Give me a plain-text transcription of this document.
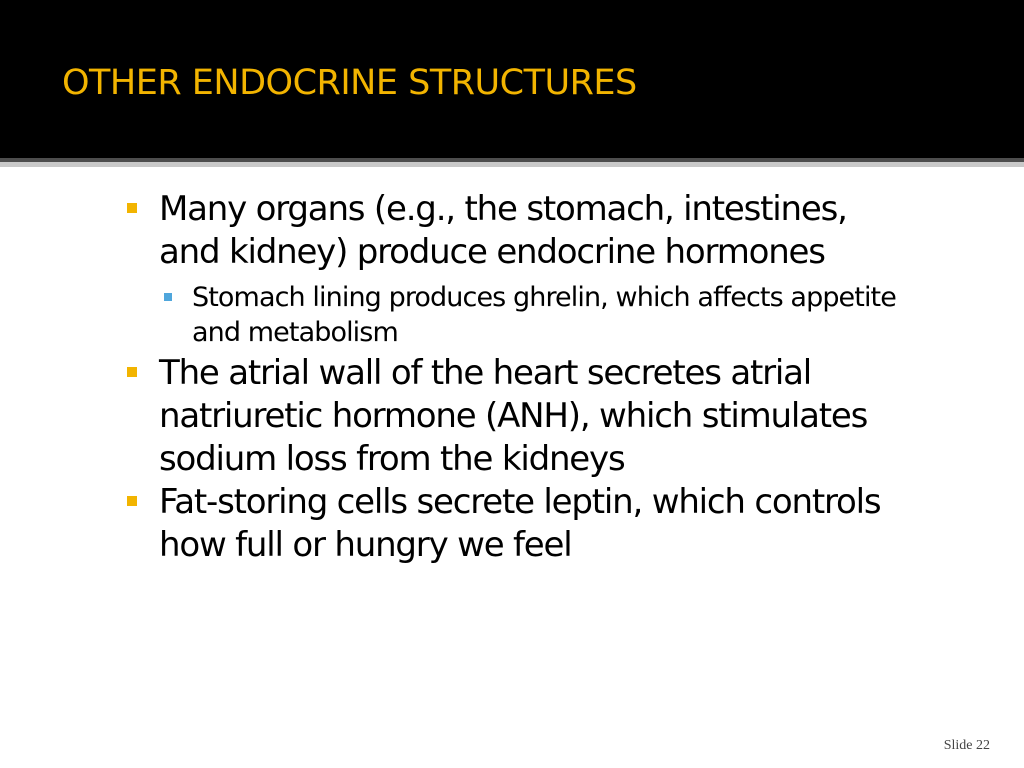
OTHER ENDOCRINE STRUCTURES
Many organs (e.g., the stomach, intestines, and kidney) produce endocrine hormones
Stomach lining produces ghrelin, which affects appetite and metabolism
The atrial wall of the heart secretes atrial natriuretic hormone (ANH), which stimulates sodium loss from the kidneys
Fat-storing cells secrete leptin, which controls how full or hungry we feel
Slide 22
